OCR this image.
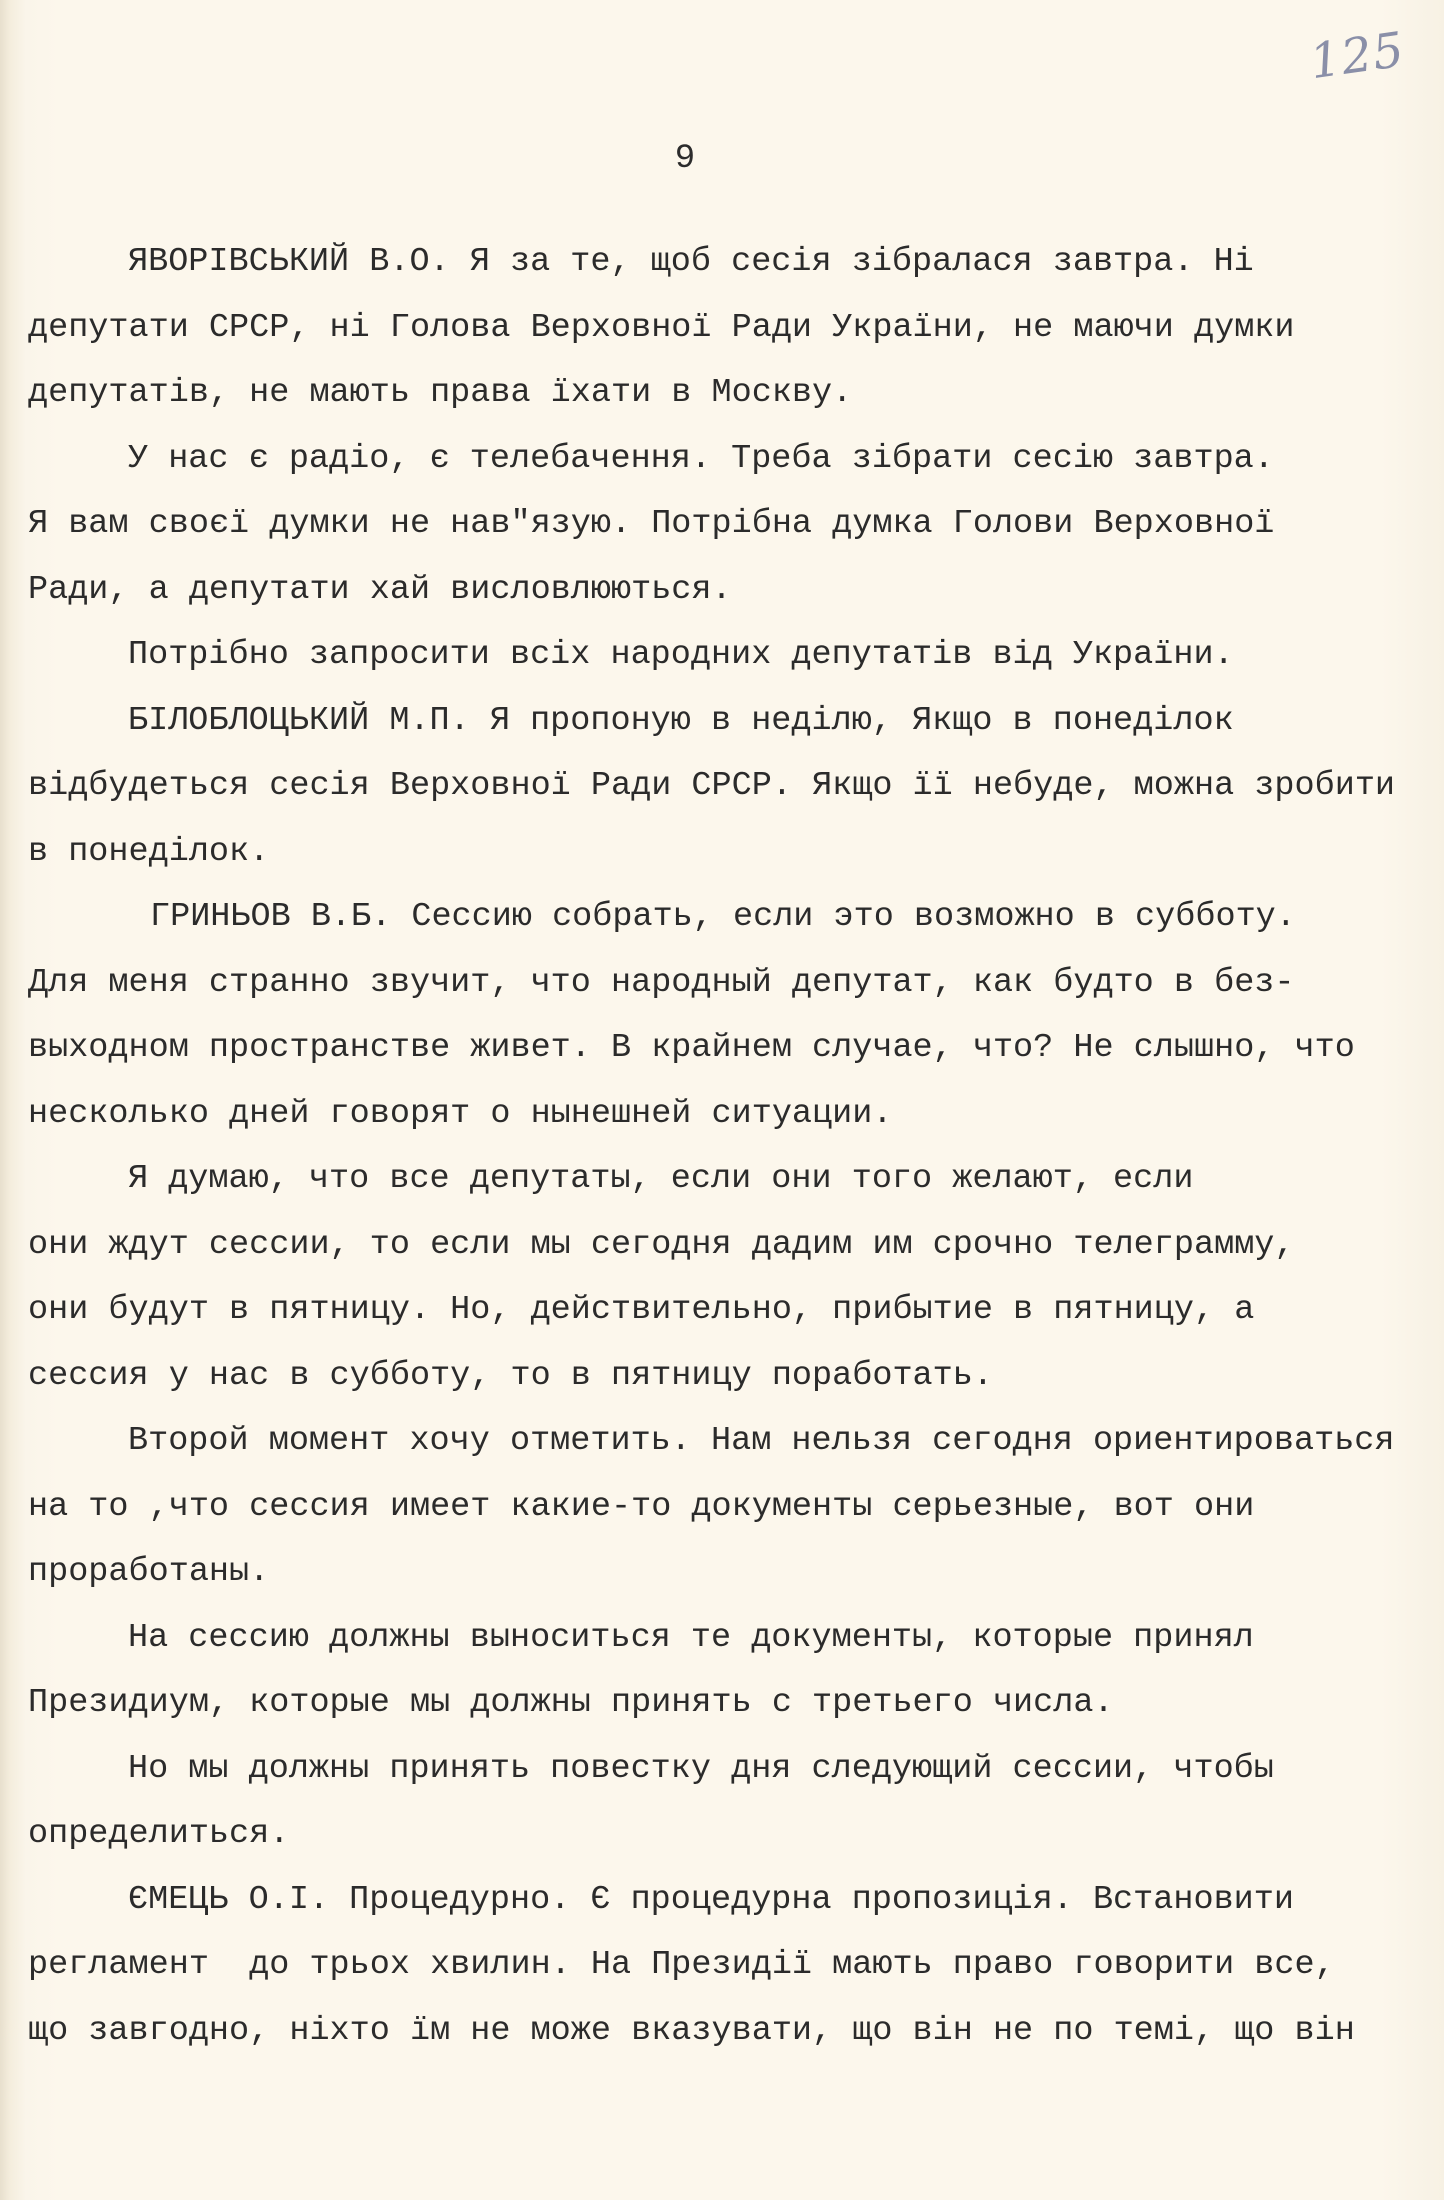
125
9
ЯВОРІВСЬКИЙ В.О. Я за те, щоб сесія зібралася завтра. Ні
депутати СРСР, ні Голова Верховної Ради України, не маючи думки
депутатів, не мають права їхати в Москву.
У нас є радіо, є телебачення. Треба зібрати сесію завтра.
Я вам своєї думки не нав"язую. Потрібна думка Голови Верховної
Ради, а депутати хай висловлюються.
Потрібно запросити всіх народних депутатів від України.
БІЛОБЛОЦЬКИЙ М.П. Я пропоную в неділю, Якщо в понеділок
відбудеться сесія Верховної Ради СРСР. Якщо її небуде, можна зробити
в понеділок.
ГРИНЬОВ В.Б. Сессию собрать, если это возможно в субботу.
Для меня странно звучит, что народный депутат, как будто в без-
выходном пространстве живет. В крайнем случае, что? Не слышно, что
несколько дней говорят о нынешней ситуации.
Я думаю, что все депутаты, если они того желают, если
они ждут сессии, то если мы сегодня дадим им срочно телеграмму,
они будут в пятницу. Но, действительно, прибытие в пятницу, а
сессия у нас в субботу, то в пятницу поработать.
Второй момент хочу отметить. Нам нельзя сегодня ориентироваться
на то ,что сессия имеет какие-то документы серьезные, вот они
проработаны.
На сессию должны выноситься те документы, которые принял
Президиум, которые мы должны принять с третьего числа.
Но мы должны принять повестку дня следующий сессии, чтобы
определиться.
ЄМЕЦЬ О.І. Процедурно. Є процедурна пропозиція. Встановити
регламент  до трьох хвилин. На Президії мають право говорити все,
що завгодно, ніхто їм не може вказувати, що він не по темі, що він
